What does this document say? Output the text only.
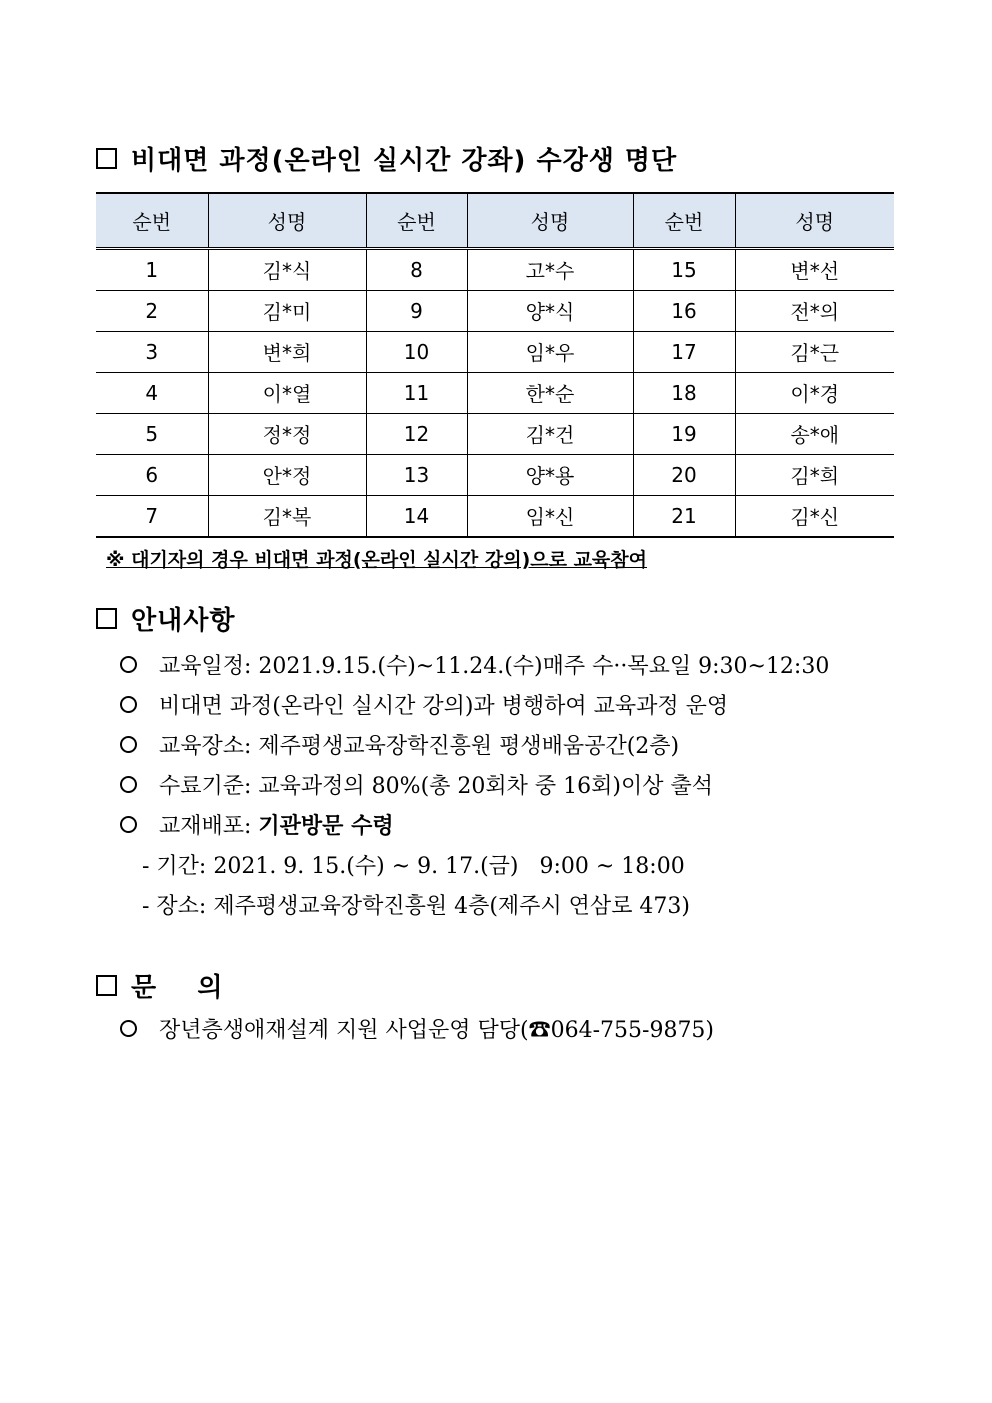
비대면 과정(온라인 실시간 강좌) 수강생 명단
순번	성명	순번	성명	순번	성명
1	김*식	8	고*수	15	변*선
2	김*미	9	양*식	16	전*의
3	변*희	10	임*우	17	김*근
4	이*열	11	한*순	18	이*경
5	정*정	12	김*건	19	송*애
6	안*정	13	양*용	20	김*희
7	김*복	14	임*신	21	김*신
※ 대기자의 경우 비대면 과정(온라인 실시간 강의)으로 교육참여
안내사항
교육일정: 2021.9.15.(수)~11.24.(수)매주 수··목요일 9:30~12:30
비대면 과정(온라인 실시간 강의)과 병행하여 교육과정 운영
교육장소: 제주평생교육장학진흥원 평생배움공간(2층)
수료기준: 교육과정의 80%(총 20회차 중 16회)이상 출석
교재배포: 기관방문 수령
- 기간: 2021. 9. 15.(수) ~ 9. 17.(금)   9:00 ~ 18:00
- 장소: 제주평생교육장학진흥원 4층(제주시 연삼로 473)
문    의
장년층생애재설계 지원 사업운영 담당(☎064-755-9875)
